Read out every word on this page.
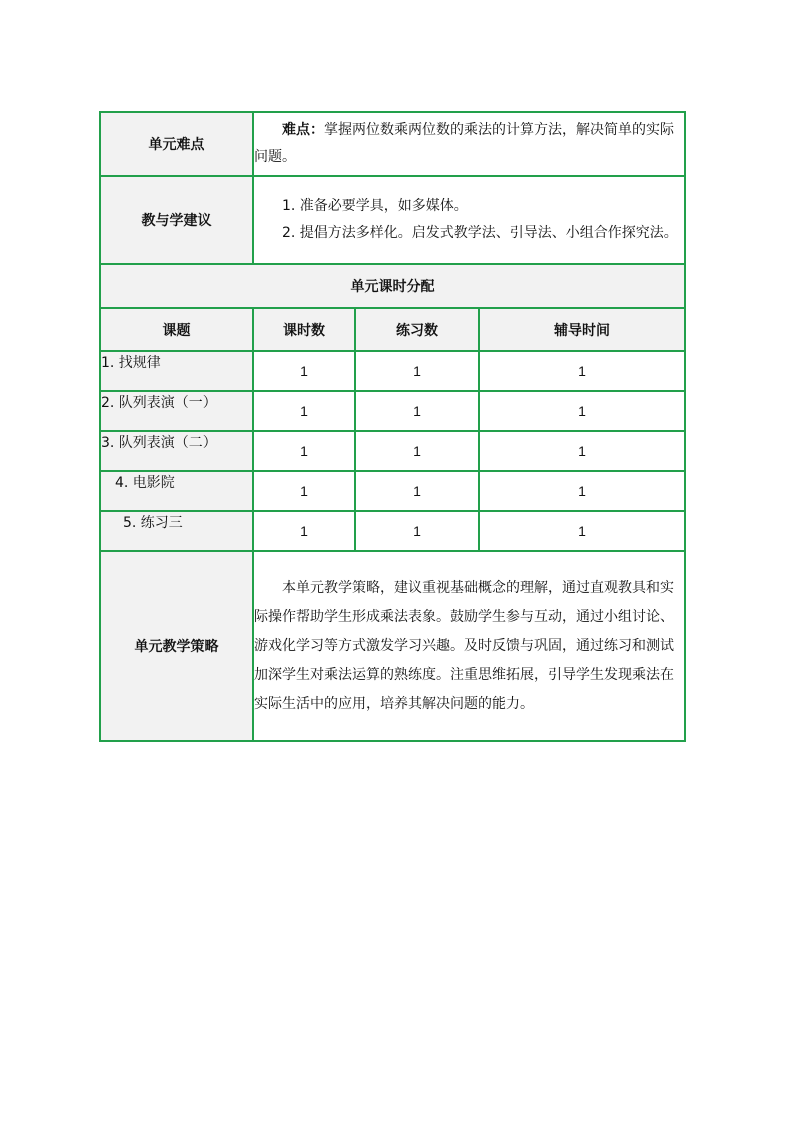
单元难点	难点：掌握两位数乘两位数的乘法的计算方法，解决简单的实际问题。		
教与学建议	1. 准备必要学具，如多媒体。

2. 提倡方法多样化。启发式教学法、引导法、小组合作探究法。		

单元课时分配			
课题	课时数	练习数	辅导时间
1. 找规律	1	1	1
2. 队列表演（一）	1	1	1
3. 队列表演（二）	1	1	1
4. 电影院	1	1	1
5. 练习三	1	1	1
单元教学策略	本单元教学策略，建议重视基础概念的理解，通过直观教具和实际操作帮助学生形成乘法表象。鼓励学生参与互动，通过小组讨论、游戏化学习等方式激发学习兴趣。及时反馈与巩固，通过练习和测试加深学生对乘法运算的熟练度。注重思维拓展，引导学生发现乘法在实际生活中的应用，培养其解决问题的能力。		
